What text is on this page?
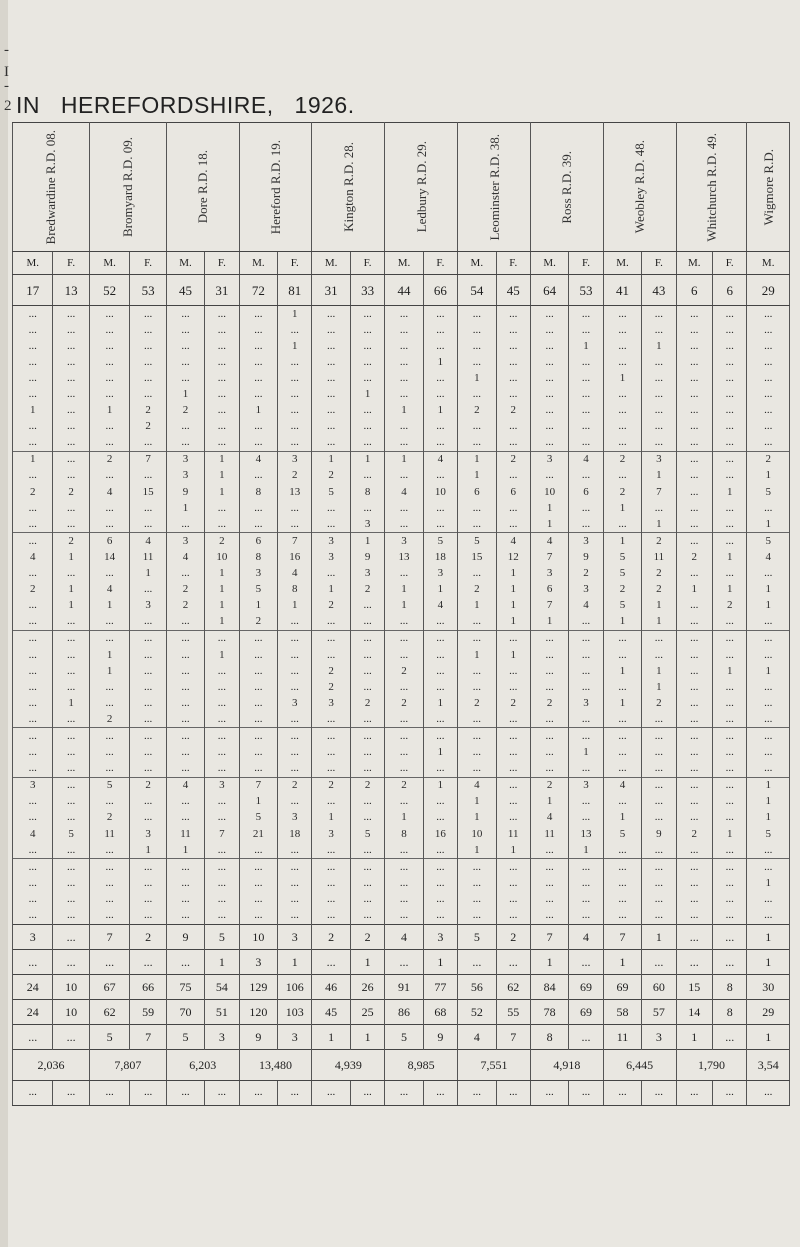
-
I
-
2 IN HEREFORDSHIRE, 1926.
Bredwardine R.D. 08.		Bromyard R.D. 09.		Dore R.D. 18.		Hereford R.D. 19.		Kington R.D. 28.		Ledbury R.D. 29.		Leominster R.D. 38.		Ross R.D. 39.		Weobley R.D. 48.		Whitchurch R.D. 49.		Wigmore R.D.

M.	F.	M.	F.	M.	F.	M.	F.	M.	F.	M.	F.	M.	F.	M.	F.	M.	F.	M.	F.	M.
17	13	52	53	45	31	72	81	31	33	44	66	54	45	64	53	41	43	6	6	29
...	...	...	...	...	...	...	1	...	...	...	...	...	...	...	...	...	...	...	...	...
...	...	...	...	...	...	...	...	...	...	...	...	...	...	...	...	...	...	...	...	...
...	...	...	...	...	...	...	1	...	...	...	...	...	...	...	1	...	1	...	...	...
...	...	...	...	...	...	...	...	...	...	...	1	...	...	...	...	...	...	...	...	...
...	...	...	...	...	...	...	...	...	...	...	...	1	...	...	...	1	...	...	...	...
...	...	...	...	1	...	...	...	...	1	...	...	...	...	...	...	...	...	...	...	...
1	...	1	2	2	...	1	...	...	...	1	1	2	2	...	...	...	...	...	...	...
...	...	...	2	...	...	...	...	...	...	...	...	...	...	...	...	...	...	...	...	...
...	...	...	...	...	...	...	...	...	...	...	...	...	...	...	...	...	...	...	...	...
1	...	2	7	3	1	4	3	1	1	1	4	1	2	3	4	2	3	...	...	2
...	...	...	...	3	1	...	2	2	...	...	...	1	...	...	...	...	1	...	...	1
2	2	4	15	9	1	8	13	5	8	4	10	6	6	10	6	2	7	...	1	5
...	...	...	...	1	...	...	...	...	...	...	...	...	...	1	...	1	...	...	...	...
...	...	...	...	...	...	...	...	...	3	...	...	...	...	1	...	...	1	...	...	1
...	2	6	4	3	2	6	7	3	1	3	5	5	4	4	3	1	2	...	...	5
4	1	14	11	4	10	8	16	3	9	13	18	15	12	7	9	5	11	2	1	4
...	...	...	1	...	1	3	4	...	3	...	3	...	1	3	2	5	2	...	...	...
2	1	4	...	2	1	5	8	1	2	1	1	2	1	6	3	2	2	1	1	1
...	1	1	3	2	1	1	1	2	...	1	4	1	1	7	4	5	1	...	2	1
...	...	...	...	...	1	2	...	...	...	...	...	...	1	1	...	1	1	...	...	...
...	...	...	...	...	...	...	...	...	...	...	...	...	...	...	...	...	...	...	...	...
...	...	1	...	...	1	...	...	...	...	...	...	1	1	...	...	...	...	...	...	...
...	...	1	...	...	...	...	...	2	...	2	...	...	...	...	...	1	1	...	1	1
...	...	...	...	...	...	...	...	2	...	...	...	...	...	...	...	...	1	...	...	...
...	1	...	...	...	...	...	3	3	2	2	1	2	2	2	3	1	2	...	...	...
...	...	2	...	...	...	...	...	...	...	...	...	...	...	...	...	...	...	...	...	...
...	...	...	...	...	...	...	...	...	...	...	...	...	...	...	...	...	...	...	...	...
...	...	...	...	...	...	...	...	...	...	...	1	...	...	...	1	...	...	...	...	...
...	...	...	...	...	...	...	...	...	...	...	...	...	...	...	...	...	...	...	...	...
3	...	5	2	4	3	7	2	2	2	2	1	4	...	2	3	4	...	...	...	1
...	...	...	...	...	...	1	...	...	...	...	...	1	...	1	...	...	...	...	...	1
...	...	2	...	...	...	5	3	1	...	1	...	1	...	4	...	1	...	...	...	1
4	5	11	3	11	7	21	18	3	5	8	16	10	11	11	13	5	9	2	1	5
...	...	...	1	1	...	...	...	...	...	...	...	1	1	...	1	...	...	...	...	...
...	...	...	...	...	...	...	...	...	...	...	...	...	...	...	...	...	...	...	...	...
...	...	...	...	...	...	...	...	...	...	...	...	...	...	...	...	...	...	...	...	1
...	...	...	...	...	...	...	...	...	...	...	...	...	...	...	...	...	...	...	...	...
...	...	...	...	...	...	...	...	...	...	...	...	...	...	...	...	...	...	...	...	...
3	...	7	2	9	5	10	3	2	2	4	3	5	2	7	4	7	1	...	...	1
...	...	...	...	...	1	3	1	...	1	...	1	...	...	1	...	1	...	...	...	1
24	10	67	66	75	54	129	106	46	26	91	77	56	62	84	69	69	60	15	8	30
24	10	62	59	70	51	120	103	45	25	86	68	52	55	78	69	58	57	14	8	29
...	...	5	7	5	3	9	3	1	1	5	9	4	7	8	...	11	3	1	...	1
2,036		7,807		6,203		13,480		4,939		8,985		7,551		4,918		6,445		1,790		3,54
...	...	...	...	...	...	...	...	...	...	...	...	...	...	...	...	...	...	...	...	...
